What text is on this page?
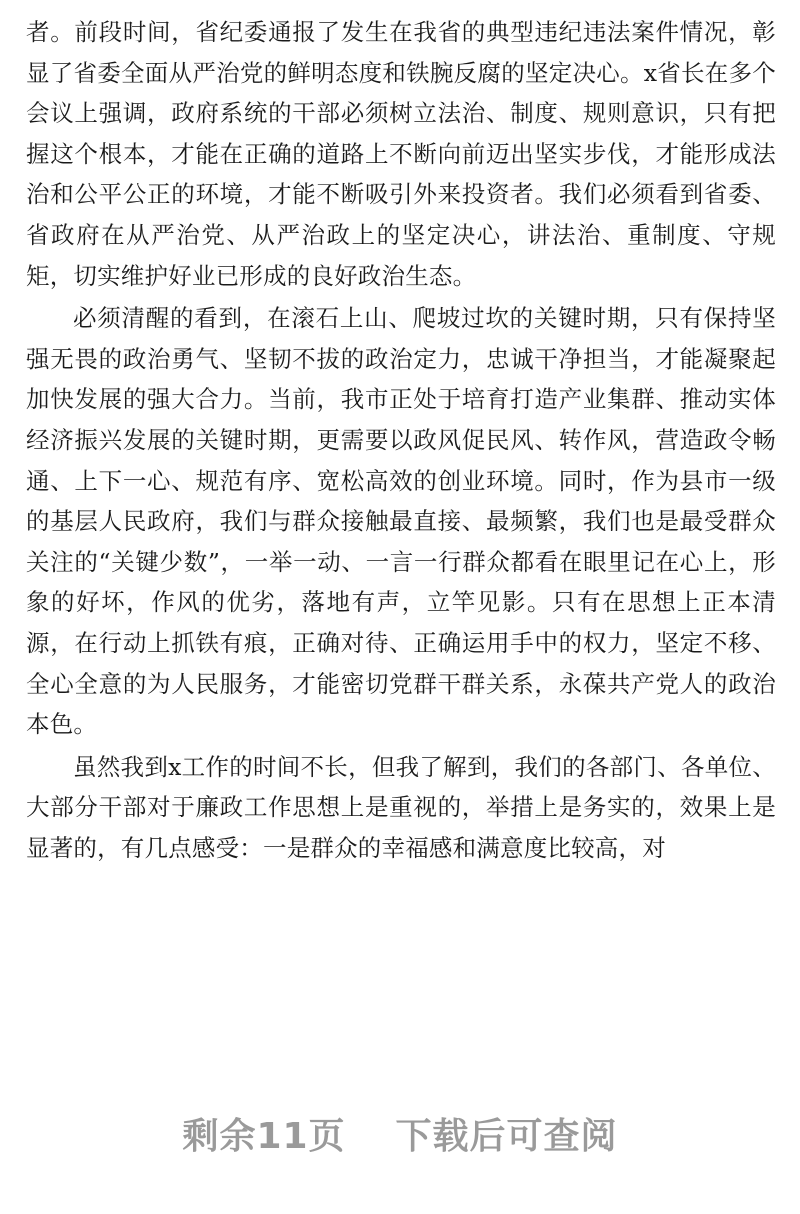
者。前段时间，省纪委通报了发生在我省的典型违纪违法案件情况，彰显了省委全面从严治党的鲜明态度和铁腕反腐的坚定决心。x省长在多个会议上强调，政府系统的干部必须树立法治、制度、规则意识，只有把握这个根本，才能在正确的道路上不断向前迈出坚实步伐，才能形成法治和公平公正的环境，才能不断吸引外来投资者。我们必须看到省委、省政府在从严治党、从严治政上的坚定决心，讲法治、重制度、守规矩，切实维护好业已形成的良好政治生态。

必须清醒的看到，在滚石上山、爬坡过坎的关键时期，只有保持坚强无畏的政治勇气、坚韧不拔的政治定力，忠诚干净担当，才能凝聚起加快发展的强大合力。当前，我市正处于培育打造产业集群、推动实体经济振兴发展的关键时期，更需要以政风促民风、转作风，营造政令畅通、上下一心、规范有序、宽松高效的创业环境。同时，作为县市一级的基层人民政府，我们与群众接触最直接、最频繁，我们也是最受群众关注的“关键少数”，一举一动、一言一行群众都看在眼里记在心上，形象的好坏，作风的优劣，落地有声，立竿见影。只有在思想上正本清源，在行动上抓铁有痕，正确对待、正确运用手中的权力，坚定不移、全心全意的为人民服务，才能密切党群干群关系，永葆共产党人的政治本色。

虽然我到x工作的时间不长，但我了解到，我们的各部门、各单位、大部分干部对于廉政工作思想上是重视的，举措上是务实的，效果上是显著的，有几点感受：一是群众的幸福感和满意度比较高，对

剩余11页 下载后可查阅
